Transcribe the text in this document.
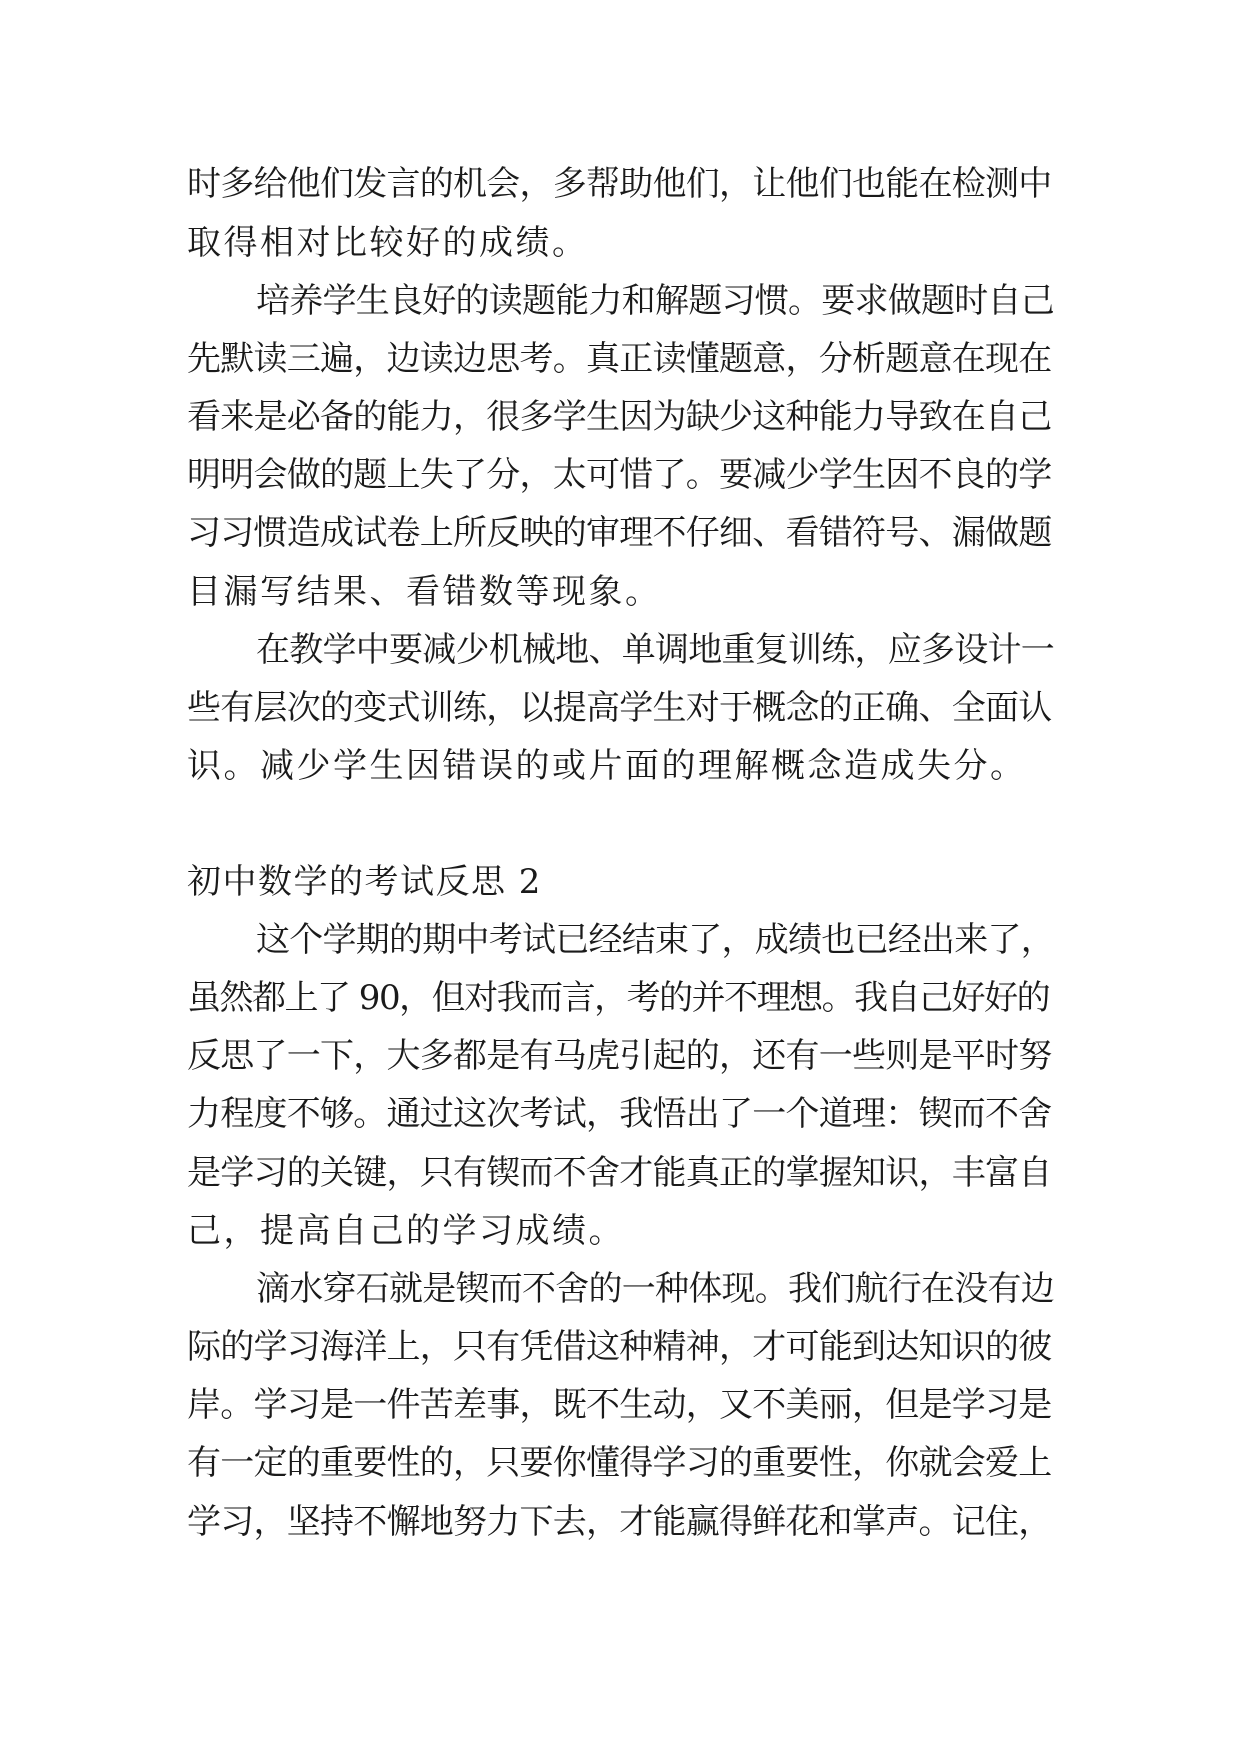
时多给他们发言的机会，多帮助他们，让他们也能在检测中
取得相对比较好的成绩。
培养学生良好的读题能力和解题习惯。要求做题时自己
先默读三遍，边读边思考。真正读懂题意，分析题意在现在
看来是必备的能力，很多学生因为缺少这种能力导致在自己
明明会做的题上失了分，太可惜了。要减少学生因不良的学
习习惯造成试卷上所反映的审理不仔细、看错符号、漏做题
目漏写结果、看错数等现象。
在教学中要减少机械地、单调地重复训练，应多设计一
些有层次的变式训练，以提高学生对于概念的正确、全面认
识。减少学生因错误的或片面的理解概念造成失分。
初中数学的考试反思 2
这个学期的期中考试已经结束了，成绩也已经出来了，
虽然都上了 90，但对我而言，考的并不理想。我自己好好的
反思了一下，大多都是有马虎引起的，还有一些则是平时努
力程度不够。通过这次考试，我悟出了一个道理：锲而不舍
是学习的关键，只有锲而不舍才能真正的掌握知识，丰富自
己，提高自己的学习成绩。
滴水穿石就是锲而不舍的一种体现。我们航行在没有边
际的学习海洋上，只有凭借这种精神，才可能到达知识的彼
岸。学习是一件苦差事，既不生动，又不美丽，但是学习是
有一定的重要性的，只要你懂得学习的重要性，你就会爱上
学习，坚持不懈地努力下去，才能赢得鲜花和掌声。记住，
